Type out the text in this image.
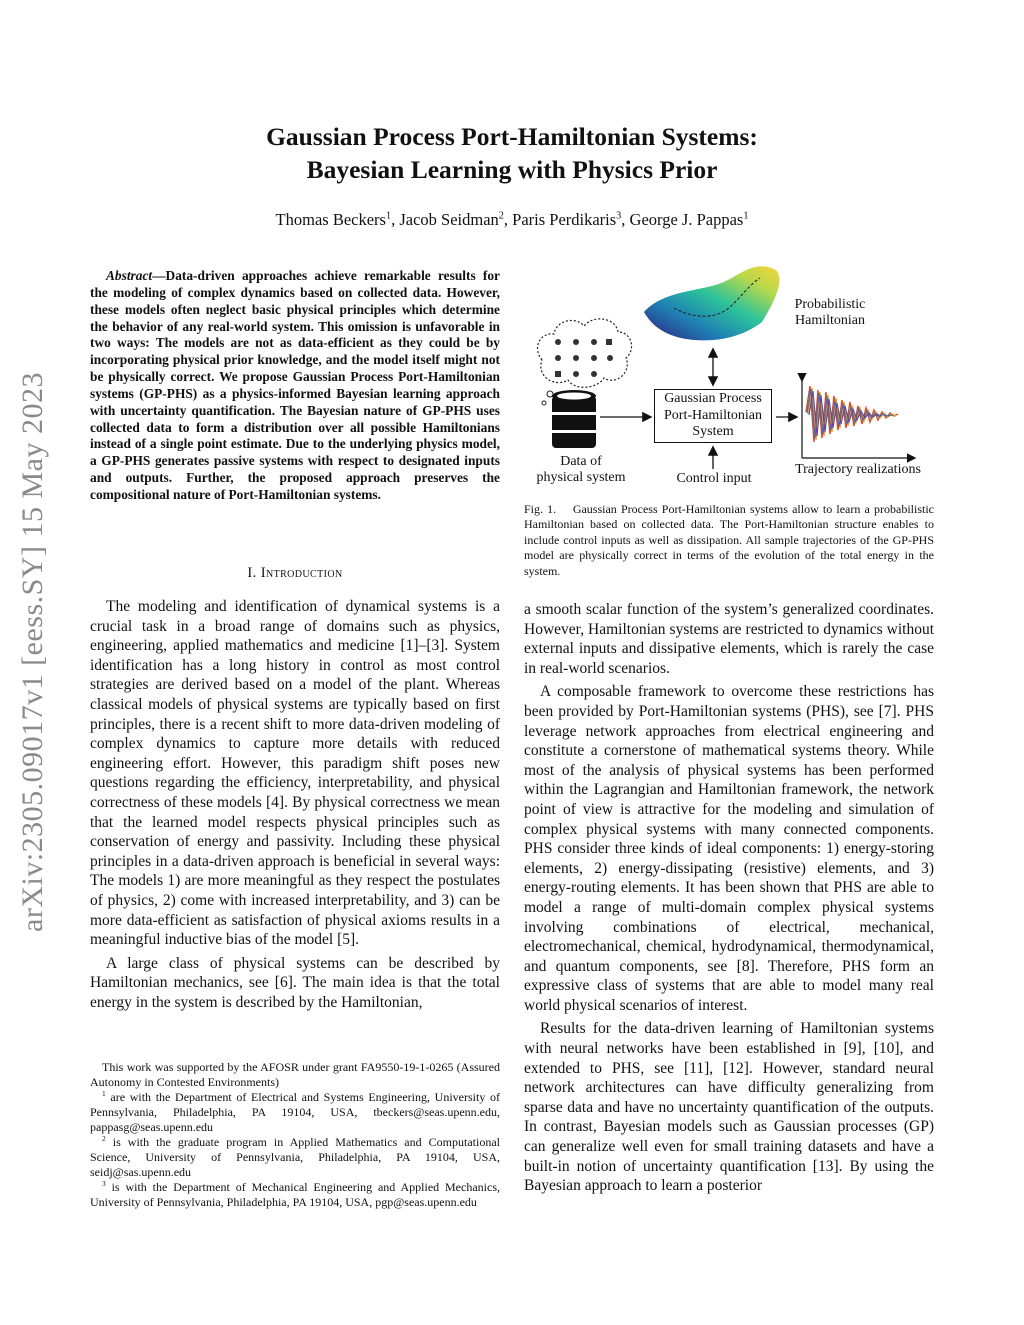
arXiv:2305.09017v1 [eess.SY] 15 May 2023
Gaussian Process Port-Hamiltonian Systems:
Bayesian Learning with Physics Prior
Thomas Beckers$^1$, Jacob Seidman$^2$, Paris Perdikaris$^3$, George J. Pappas$^1$

Abstract—Data-driven approaches achieve remarkable results for the modeling of complex dynamics based on collected data. However, these models often neglect basic physical principles which determine the behavior of any real-world system. This omission is unfavorable in two ways: The models are not as data-efficient as they could be by incorporating physical prior knowledge, and the model itself might not be physically correct. We propose Gaussian Process Port-Hamiltonian systems (GP-PHS) as a physics-informed Bayesian learning approach with uncertainty quantification. The Bayesian nature of GP-PHS uses collected data to form a distribution over all possible Hamiltonians instead of a single point estimate. Due to the underlying physics model, a GP-PHS generates passive systems with respect to designated inputs and outputs. Further, the proposed approach preserves the compositional nature of Port-Hamiltonian systems.

I. Introduction

The modeling and identification of dynamical systems is a crucial task in a broad range of domains such as physics, engineering, applied mathematics and medicine [1]–[3]. System identification has a long history in control as most control strategies are derived based on a model of the plant. Whereas classical models of physical systems are typically based on first principles, there is a recent shift to more data-driven modeling of complex dynamics to capture more details with reduced engineering effort. However, this paradigm shift poses new questions regarding the efficiency, interpretability, and physical correctness of these models [4]. By physical correctness we mean that the learned model respects physical principles such as conservation of energy and passivity. Including these physical principles in a data-driven approach is beneficial in several ways: The models 1) are more meaningful as they respect the postulates of physics, 2) come with increased interpretability, and 3) can be more data-efficient as satisfaction of physical axioms results in a meaningful inductive bias of the model [5].

A large class of physical systems can be described by Hamiltonian mechanics, see [6]. The main idea is that the total energy in the system is described by the Hamiltonian,

This work was supported by the AFOSR under grant FA9550-19-1-0265 (Assured Autonomy in Contested Environments)

$^1$ are with the Department of Electrical and Systems Engineering, University of Pennsylvania, Philadelphia, PA 19104, USA, tbeckers@seas.upenn.edu, pappasg@seas.upenn.edu

$^2$ is with the graduate program in Applied Mathematics and Computational Science, University of Pennsylvania, Philadelphia, PA 19104, USA, seidj@sas.upenn.edu

$^3$ is with the Department of Mechanical Engineering and Applied Mechanics, University of Pennsylvania, Philadelphia, PA 19104, USA, pgp@seas.upenn.edu

Probabilistic
Hamiltonian
Gaussian Process
Port-Hamiltonian
System
Data of
physical system	Control input
Trajectory realizations

Fig. 1. Gaussian Process Port-Hamiltonian systems allow to learn a probabilistic Hamiltonian based on collected data. The Port-Hamiltonian structure enables to include control inputs as well as dissipation. All sample trajectories of the GP-PHS model are physically correct in terms of the evolution of the total energy in the system.

a smooth scalar function of the system’s generalized coordinates. However, Hamiltonian systems are restricted to dynamics without external inputs and dissipative elements, which is rarely the case in real-world scenarios.

A composable framework to overcome these restrictions has been provided by Port-Hamiltonian systems (PHS), see [7]. PHS leverage network approaches from electrical engineering and constitute a cornerstone of mathematical systems theory. While most of the analysis of physical systems has been performed within the Lagrangian and Hamiltonian framework, the network point of view is attractive for the modeling and simulation of complex physical systems with many connected components. PHS consider three kinds of ideal components: 1) energy-storing elements, 2) energy-dissipating (resistive) elements, and 3) energy-routing elements. It has been shown that PHS are able to model a range of multi-domain complex physical systems involving combinations of electrical, mechanical, electromechanical, chemical, hydrodynamical, thermodynamical, and quantum components, see [8]. Therefore, PHS form an expressive class of systems that are able to model many real world physical scenarios of interest.

Results for the data-driven learning of Hamiltonian systems with neural networks have been established in [9], [10], and extended to PHS, see [11], [12]. However, standard neural network architectures can have difficulty generalizing from sparse data and have no uncertainty quantification of the outputs. In contrast, Bayesian models such as Gaussian processes (GP) can generalize well even for small training datasets and have a built-in notion of uncertainty quantification [13]. By using the Bayesian approach to learn a posterior
